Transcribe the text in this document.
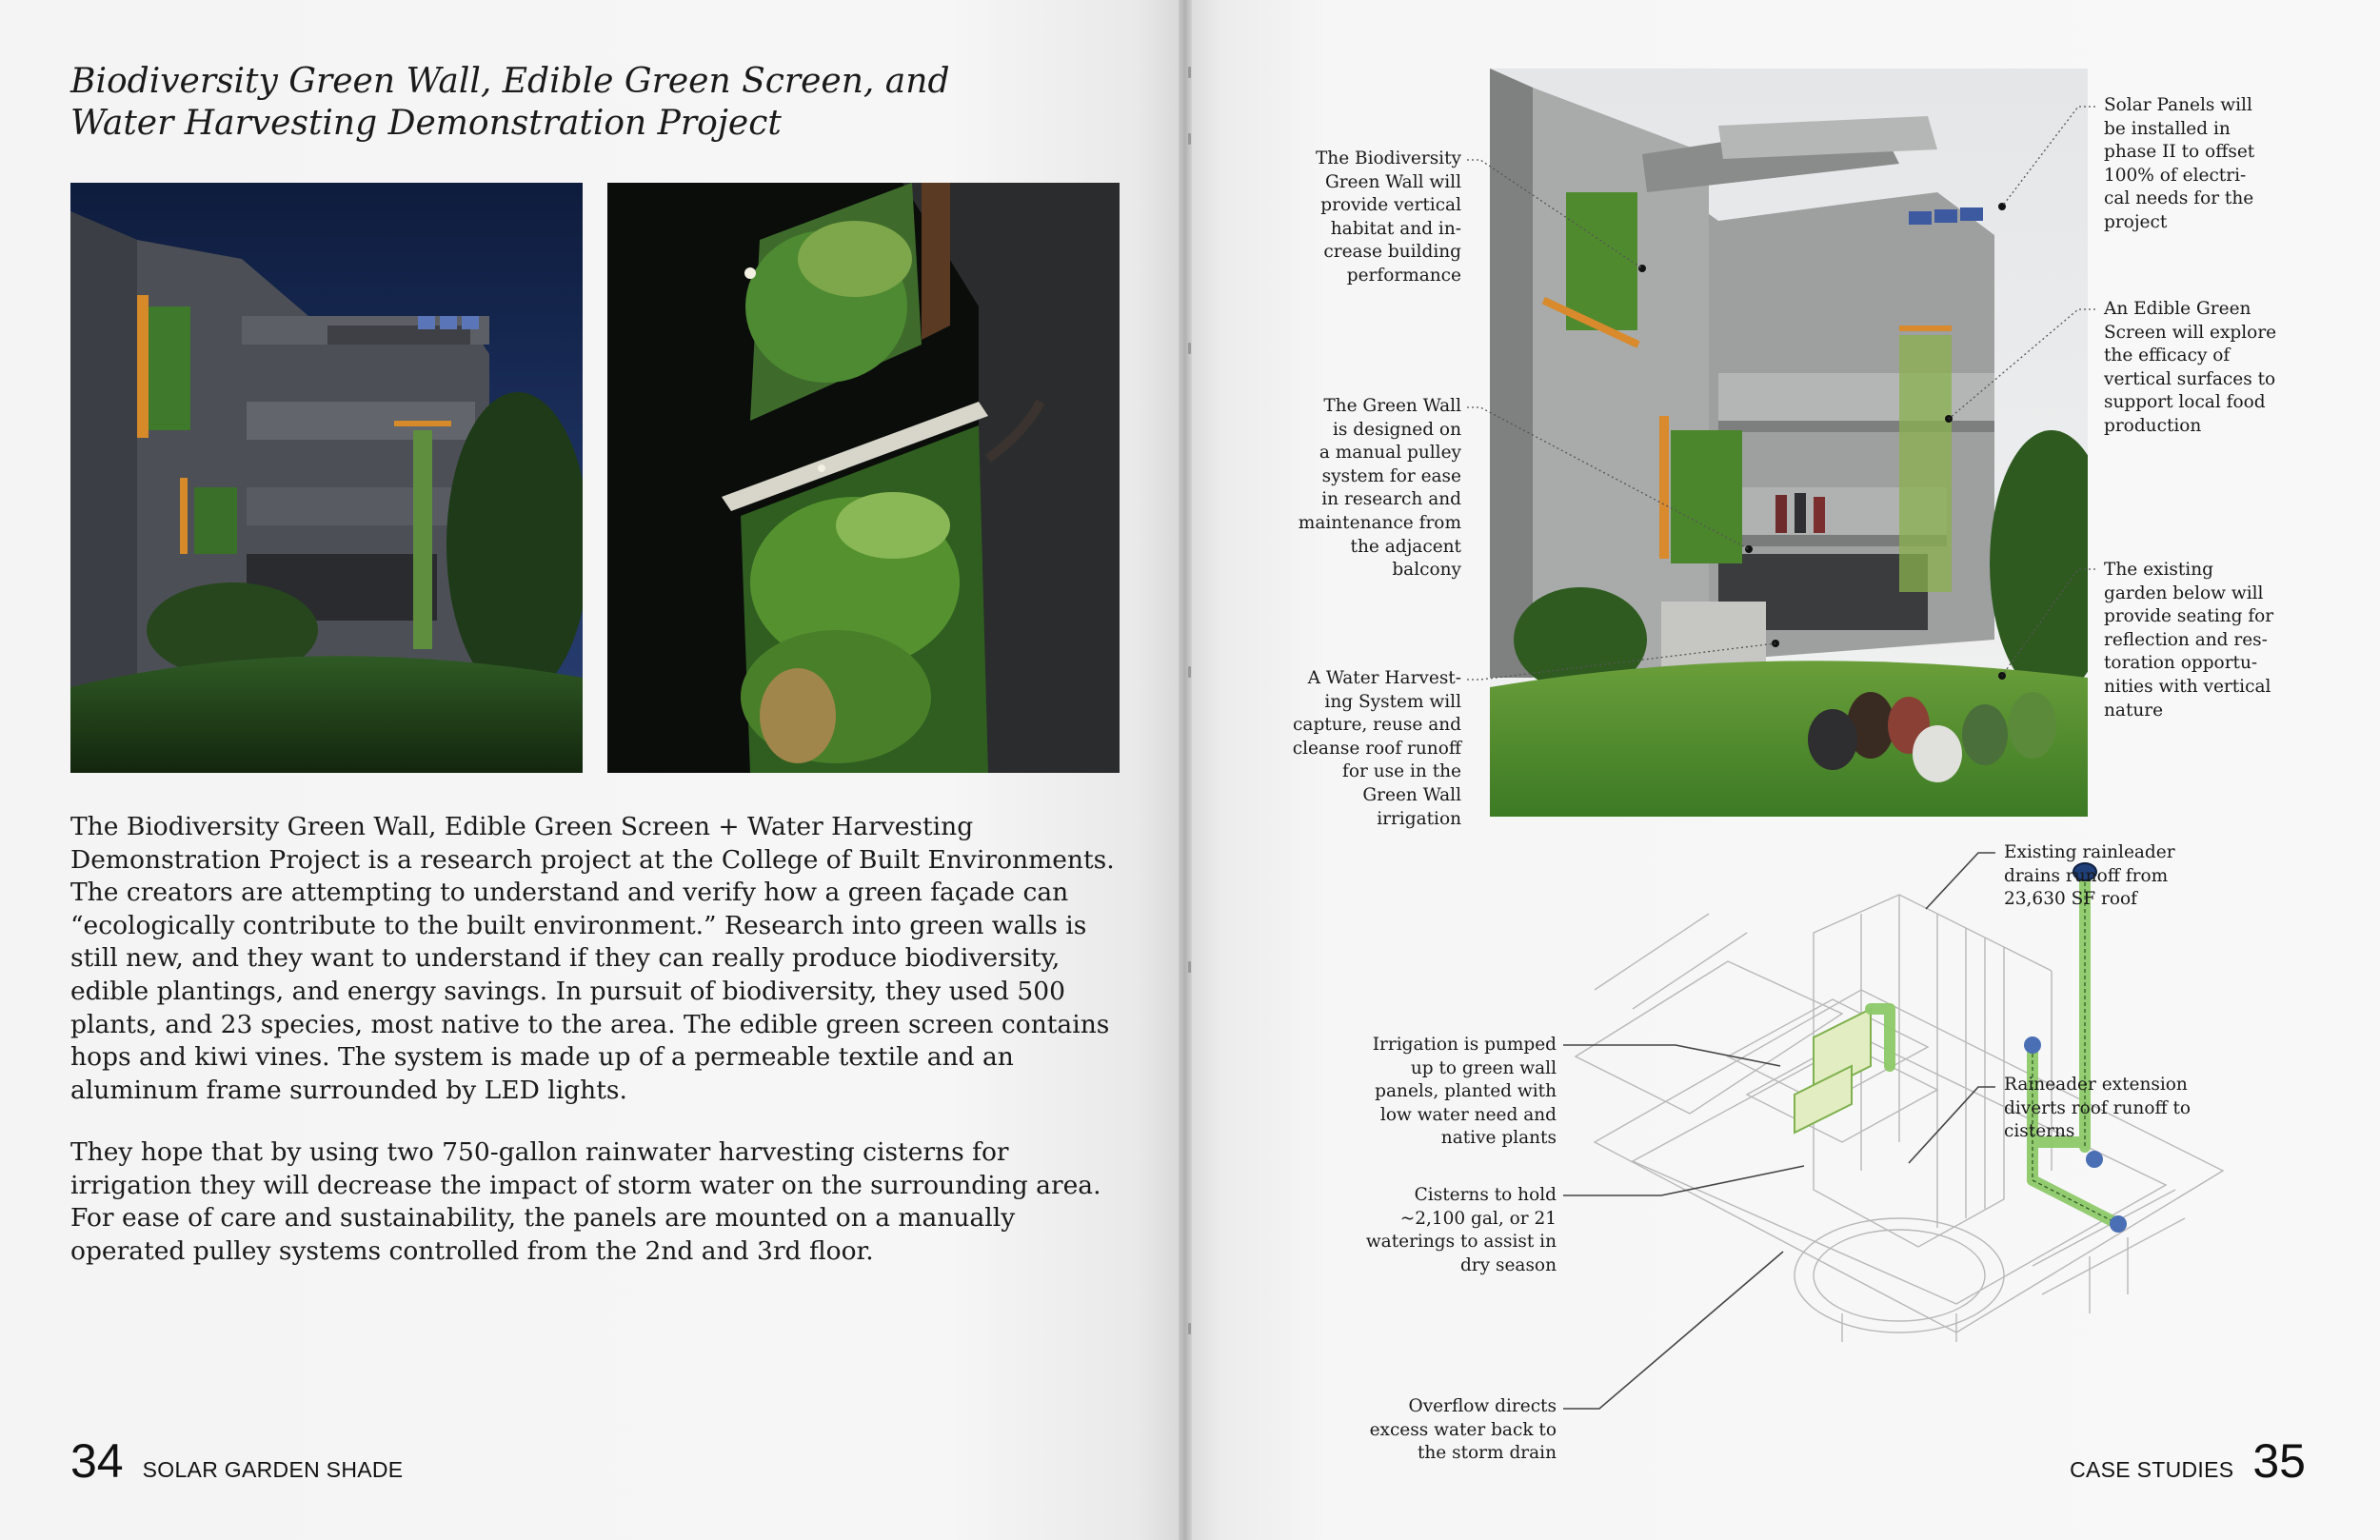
Biodiversity Green Wall, Edible Green Screen, and
Water Harvesting Demonstration Project

The Biodiversity Green Wall, Edible Green Screen + Water Harvesting Demonstration Project is a research project at the College of Built Environments. The creators are attempting to understand and verify how a green façade can “ecologically contribute to the built environment.” Research into green walls is still new, and they want to understand if they can really produce biodiversity, edible plantings, and energy savings. In pursuit of biodiversity, they used 500 plants, and 23 species, most native to the area. The edible green screen contains hops and kiwi vines. The system is made up of a permeable textile and an aluminum frame surrounded by LED lights.

They hope that by using two 750-gallon rainwater harvesting cisterns for irrigation they will decrease the impact of storm water on the surrounding area. For ease of care and sustainability, the panels are mounted on a manually operated pulley systems controlled from the 2nd and 3rd floor.

34 SOLAR GARDEN SHADE

The Biodiversity
Green Wall will
provide vertical
habitat and in-
crease building
performance

The Green Wall
is designed on
a manual pulley
system for ease
in research and
maintenance from
the adjacent
balcony

A Water Harvest-
ing System will
capture, reuse and
cleanse roof runoff
for use in the
Green Wall
irrigation

Solar Panels will
be installed in
phase II to offset
100% of electri-
cal needs for the
project

An Edible Green
Screen will explore
the efficacy of
vertical surfaces to
support local food
production

The existing
garden below will
provide seating for
reflection and res-
toration opportu-
nities with vertical
nature

Existing rainleader
drains runoff from
23,630 SF roof

Irrigation is pumped
up to green wall
panels, planted with
low water need and
native plants

Raineader extension
diverts roof runoff to
cisterns

Cisterns to hold
~2,100 gal, or 21
waterings to assist in
dry season

Overflow directs
excess water back to
the storm drain

CASE STUDIES 35
